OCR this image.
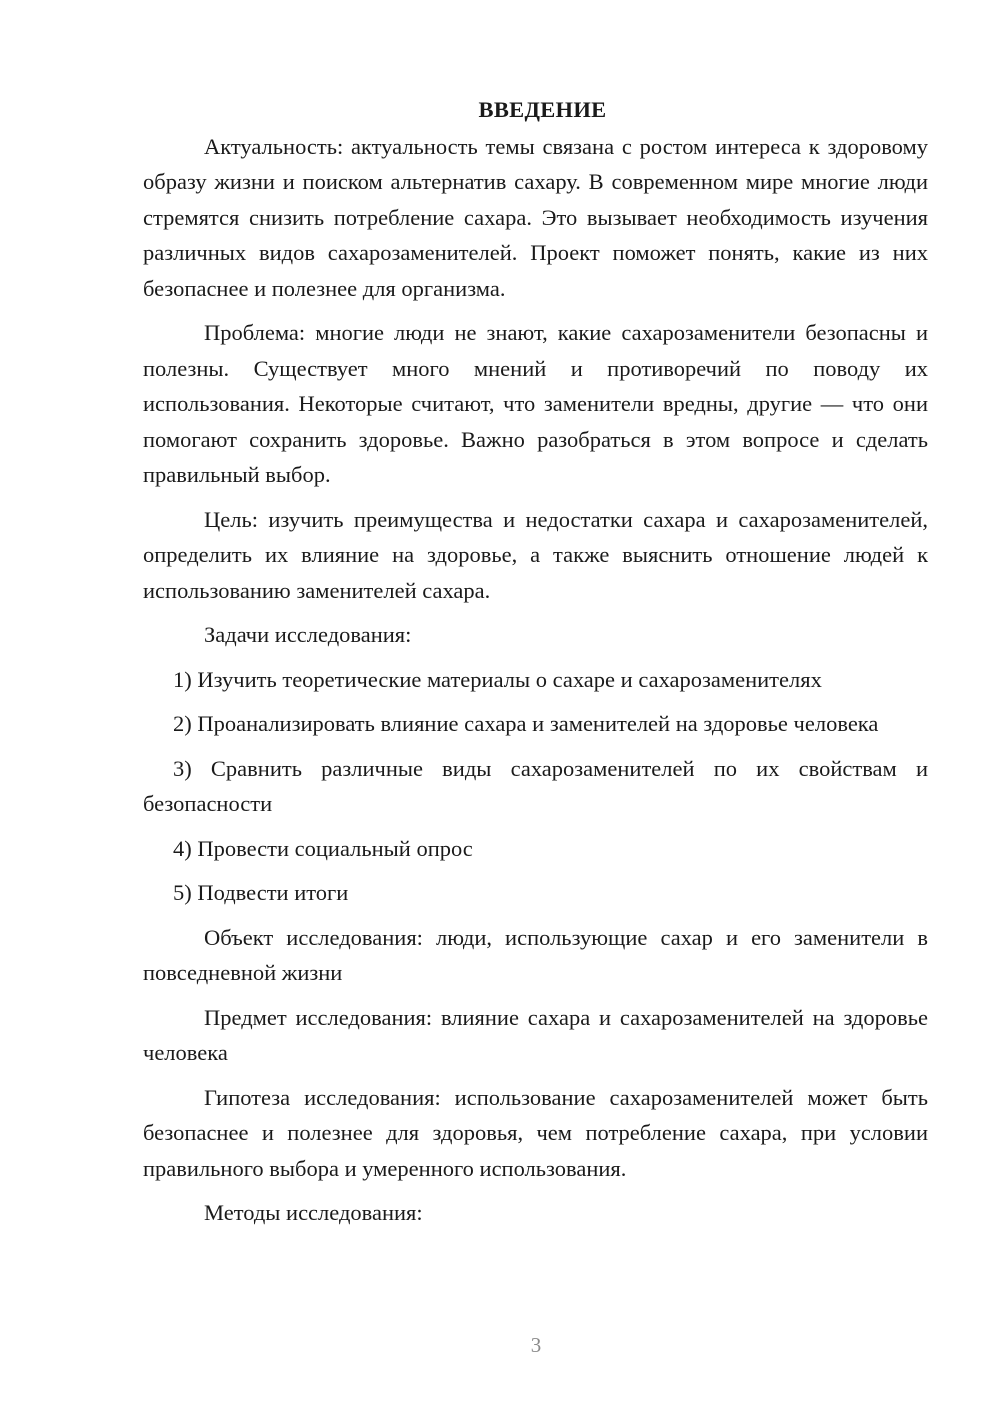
ВВЕДЕНИЕ

Актуальность: актуальность темы связана с ростом интереса к здоровому образу жизни и поиском альтернатив сахару. В современном мире многие люди стремятся снизить потребление сахара. Это вызывает необходимость изучения различных видов сахарозаменителей. Проект поможет понять, какие из них безопаснее и полезнее для организма.

Проблема: многие люди не знают, какие сахарозаменители безопасны и полезны. Существует много мнений и противоречий по поводу их использования. Некоторые считают, что заменители вредны, другие — что они помогают сохранить здоровье. Важно разобраться в этом вопросе и сделать правильный выбор.

Цель: изучить преимущества и недостатки сахара и сахарозаменителей, определить их влияние на здоровье, а также выяснить отношение людей к использованию заменителей сахара.

Задачи исследования:

1) Изучить теоретические материалы о сахаре и сахарозаменителях

2) Проанализировать влияние сахара и заменителей на здоровье человека

3) Сравнить различные виды сахарозаменителей по их свойствам и безопасности

4) Провести социальный опрос

5) Подвести итоги

Объект исследования: люди, использующие сахар и его заменители в повседневной жизни

Предмет исследования: влияние сахара и сахарозаменителей на здоровье человека

Гипотеза исследования: использование сахарозаменителей может быть безопаснее и полезнее для здоровья, чем потребление сахара, при условии правильного выбора и умеренного использования.

Методы исследования:

3
